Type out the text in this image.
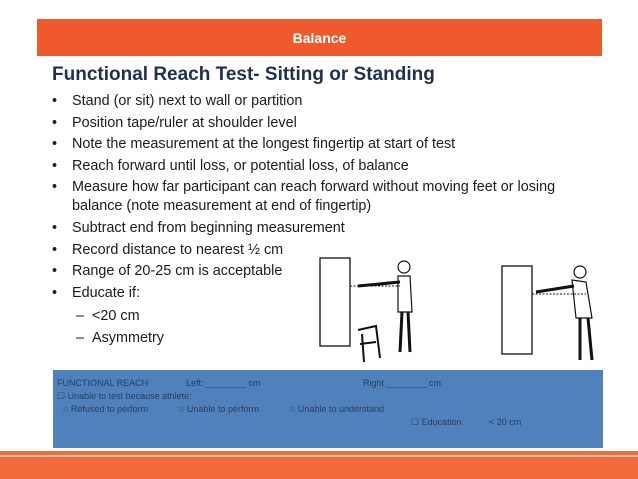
Balance
Functional Reach Test- Sitting or Standing
• Stand (or sit) next to wall or partition
• Position tape/ruler at shoulder level
• Note the measurement at the longest fingertip at start of test
• Reach forward until loss, or potential loss, of balance
• Measure how far participant can reach forward without moving feet or losing balance (note measurement at end of fingertip)
• Subtract end from beginning measurement
• Record distance to nearest ½ cm
• Range of 20-25 cm is acceptable
• Educate if:
– <20 cm
– Asymmetry
FUNCTIONAL REACH	Left: ________ cm	Right ________ cm
☐ Unable to test because athlete:
○ Refused to perform	○ Unable to perform	○ Unable to understand
☐ Education	< 20 cm
